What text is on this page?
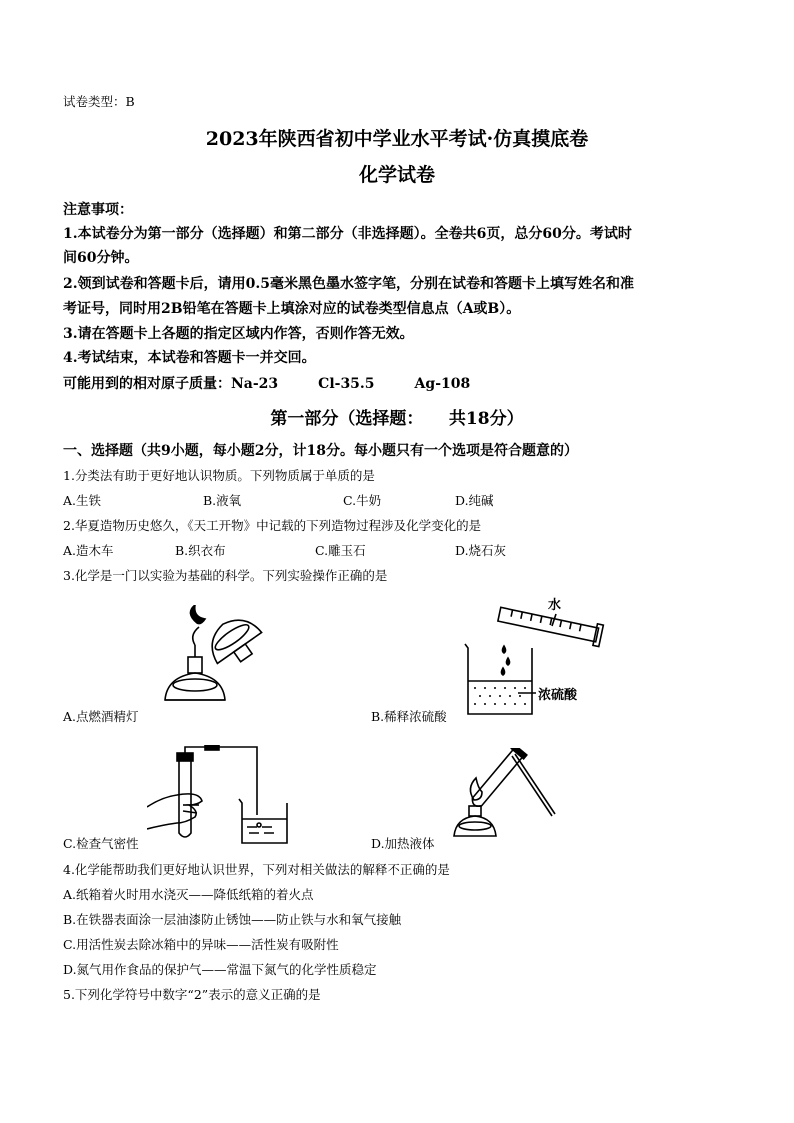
试卷类型：B
2023年陕西省初中学业水平考试·仿真摸底卷
化学试卷
注意事项：
1.本试卷分为第一部分（选择题）和第二部分（非选择题）。全卷共6页，总分60分。考试时
间60分钟。
2.领到试卷和答题卡后，请用0.5毫米黑色墨水签字笔，分别在试卷和答题卡上填写姓名和准
考证号，同时用2B铅笔在答题卡上填涂对应的试卷类型信息点（A或B）。
3.请在答题卡上各题的指定区域内作答，否则作答无效。
4.考试结束，本试卷和答题卡一并交回。
可能用到的相对原子质量：Na-23	Cl-35.5	Ag-108
第一部分（选择题：　　共18分）
一、选择题（共9小题，每小题2分，计18分。每小题只有一个选项是符合题意的）
1.分类法有助于更好地认识物质。下列物质属于单质的是
A.生铁	B.液氧	C.牛奶	D.纯碱
2.华夏造物历史悠久，《天工开物》中记载的下列造物过程涉及化学变化的是
A.造木车	B.织衣布	C.雕玉石	D.烧石灰
3.化学是一门以实验为基础的科学。下列实验操作正确的是
A.点燃酒精灯
水
浓硫酸
B.稀释浓硫酸
C.检查气密性	D.加热液体
4.化学能帮助我们更好地认识世界，下列对相关做法的解释不正确的是
A.纸箱着火时用水浇灭——降低纸箱的着火点
B.在铁器表面涂一层油漆防止锈蚀——防止铁与水和氧气接触
C.用活性炭去除冰箱中的异味——活性炭有吸附性
D.氮气用作食品的保护气——常温下氮气的化学性质稳定
5.下列化学符号中数字“2”表示的意义正确的是
